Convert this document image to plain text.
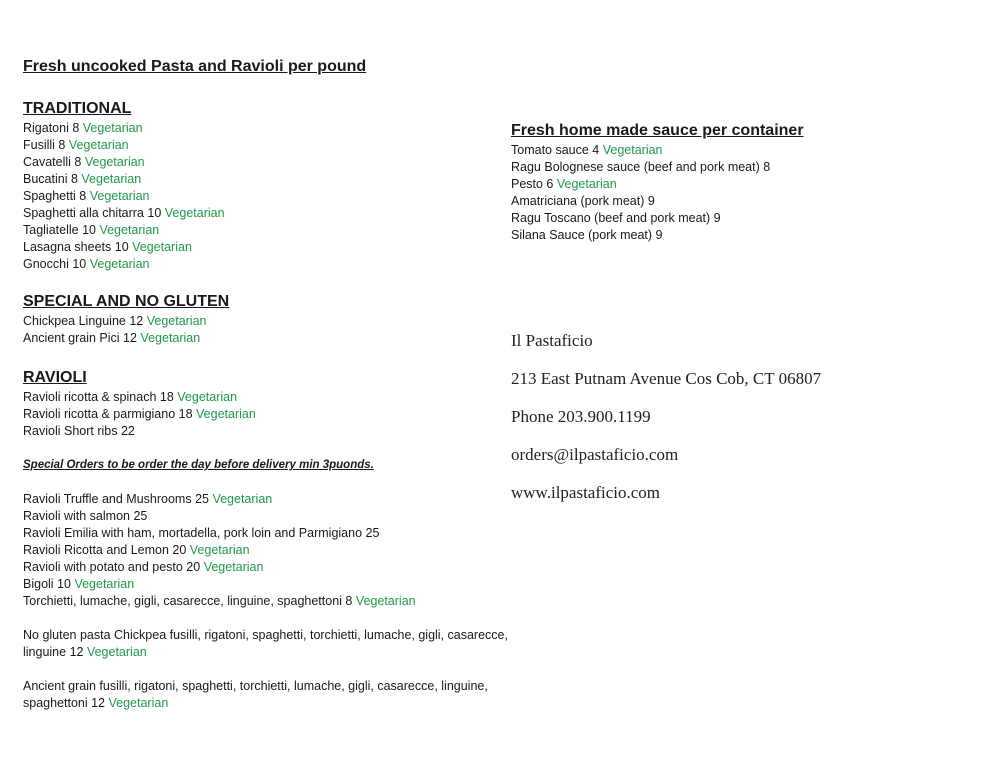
Fresh uncooked Pasta and Ravioli per pound
TRADITIONAL
Rigatoni 8 Vegetarian
Fusilli 8 Vegetarian
Cavatelli 8 Vegetarian
Bucatini 8 Vegetarian
Spaghetti 8 Vegetarian
Spaghetti alla chitarra 10 Vegetarian
Tagliatelle 10 Vegetarian
Lasagna sheets 10 Vegetarian
Gnocchi 10 Vegetarian
SPECIAL AND NO GLUTEN
Chickpea Linguine 12 Vegetarian
Ancient grain Pici 12 Vegetarian
RAVIOLI
Ravioli ricotta & spinach 18 Vegetarian
Ravioli ricotta & parmigiano 18 Vegetarian
Ravioli Short ribs 22
Special Orders to be order the day before delivery min 3puonds.
Ravioli Truffle and Mushrooms 25 Vegetarian
Ravioli with salmon 25
Ravioli Emilia with ham, mortadella, pork loin and Parmigiano 25
Ravioli Ricotta and Lemon 20 Vegetarian
Ravioli with potato and pesto 20 Vegetarian
Bigoli 10 Vegetarian
Torchietti, lumache, gigli, casarecce, linguine, spaghettoni 8 Vegetarian
No gluten pasta Chickpea fusilli, rigatoni, spaghetti, torchietti, lumache, gigli, casarecce, linguine 12 Vegetarian
Ancient grain fusilli, rigatoni, spaghetti, torchietti, lumache, gigli, casarecce, linguine, spaghettoni 12 Vegetarian
Fresh home made sauce per container
Tomato sauce 4 Vegetarian
Ragu Bolognese sauce (beef and pork meat) 8
Pesto 6 Vegetarian
Amatriciana (pork meat) 9
Ragu Toscano (beef and pork meat) 9
Silana Sauce (pork meat) 9
Il Pastaficio
213 East Putnam Avenue Cos Cob, CT 06807
Phone 203.900.1199
orders@ilpastaficio.com
www.ilpastaficio.com
